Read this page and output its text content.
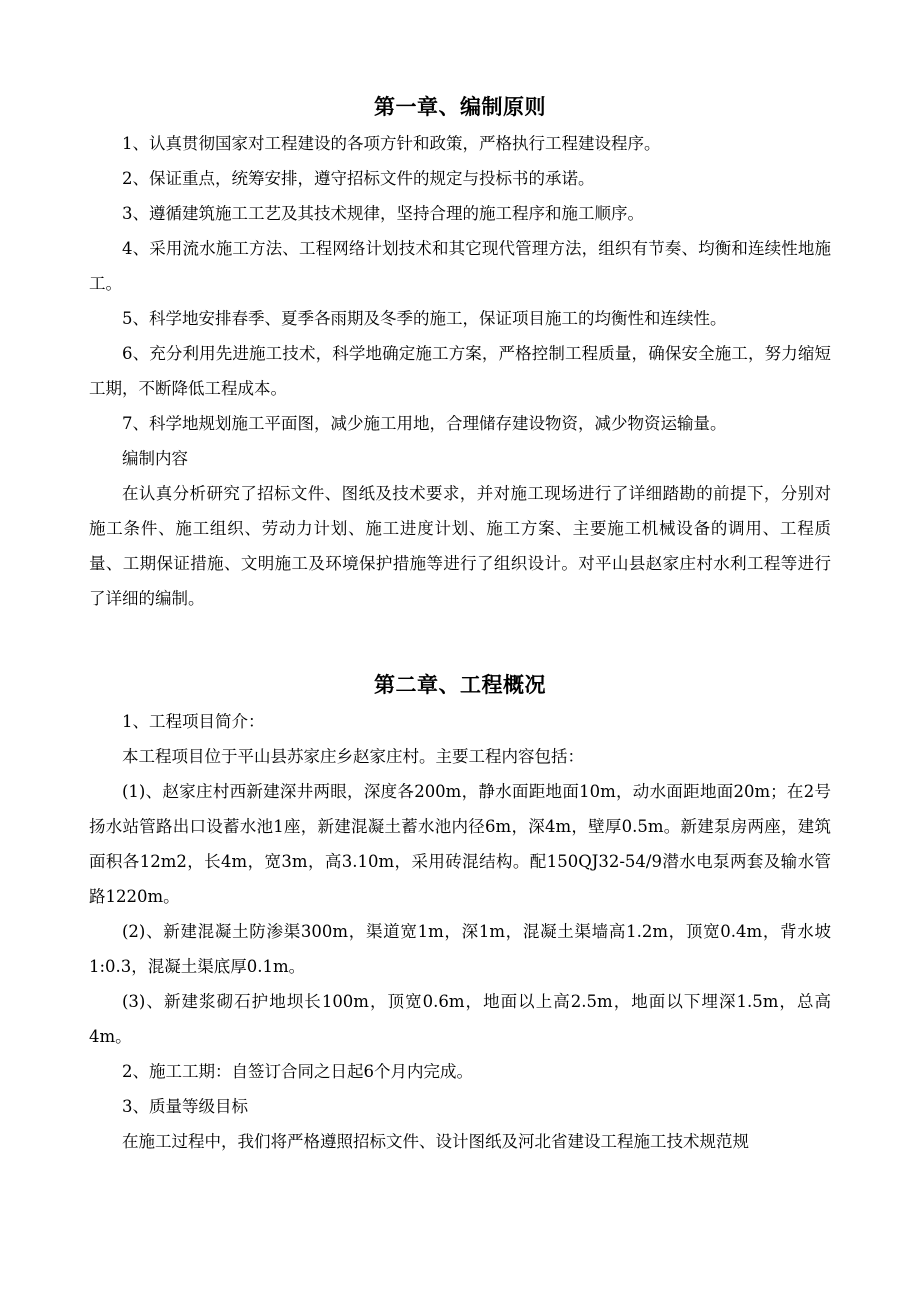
第一章、编制原则

1、认真贯彻国家对工程建设的各项方针和政策，严格执行工程建设程序。

2、保证重点，统筹安排，遵守招标文件的规定与投标书的承诺。

3、遵循建筑施工工艺及其技术规律，坚持合理的施工程序和施工顺序。

4、采用流水施工方法、工程网络计划技术和其它现代管理方法，组织有节奏、均衡和连续性地施工。

5、科学地安排春季、夏季各雨期及冬季的施工，保证项目施工的均衡性和连续性。

6、充分利用先进施工技术，科学地确定施工方案，严格控制工程质量，确保安全施工，努力缩短工期，不断降低工程成本。

7、科学地规划施工平面图，减少施工用地，合理储存建设物资，减少物资运输量。

编制内容

在认真分析研究了招标文件、图纸及技术要求，并对施工现场进行了详细踏勘的前提下，分别对施工条件、施工组织、劳动力计划、施工进度计划、施工方案、主要施工机械设备的调用、工程质量、工期保证措施、文明施工及环境保护措施等进行了组织设计。对平山县赵家庄村水利工程等进行了详细的编制。

第二章、工程概况

1、工程项目简介：

本工程项目位于平山县苏家庄乡赵家庄村。主要工程内容包括：

(1)、赵家庄村西新建深井两眼，深度各200m，静水面距地面10m，动水面距地面20m；在2号扬水站管路出口设蓄水池1座，新建混凝土蓄水池内径6m，深4m，壁厚0.5m。新建泵房两座，建筑面积各12m2，长4m，宽3m，高3.10m，采用砖混结构。配150QJ32-54/9潜水电泵两套及输水管路1220m。

(2)、新建混凝土防渗渠300m，渠道宽1m，深1m，混凝土渠墙高1.2m，顶宽0.4m，背水坡1:0.3，混凝土渠底厚0.1m。

(3)、新建浆砌石护地坝长100m，顶宽0.6m，地面以上高2.5m，地面以下埋深1.5m，总高4m。

2、施工工期：自签订合同之日起6个月内完成。

3、质量等级目标

在施工过程中，我们将严格遵照招标文件、设计图纸及河北省建设工程施工技术规范规
